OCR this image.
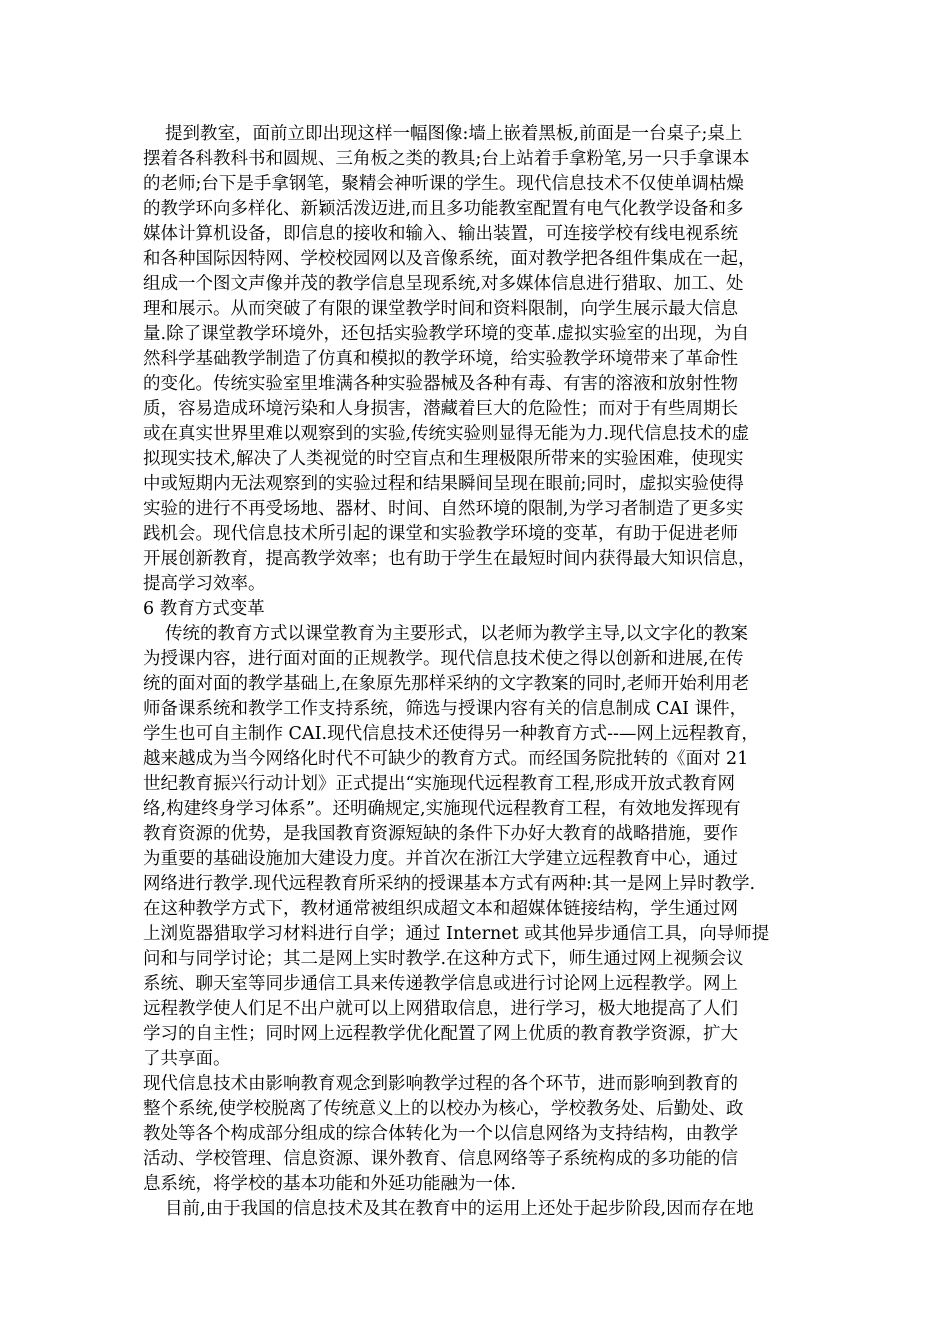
提到教室，面前立即出现这样一幅图像:墙上嵌着黑板,前面是一台桌子;桌上
摆着各科教科书和圆规、三角板之类的教具;台上站着手拿粉笔,另一只手拿课本
的老师;台下是手拿钢笔，聚精会神听课的学生。现代信息技术不仅使单调枯燥
的教学环向多样化、新颖活泼迈进,而且多功能教室配置有电气化教学设备和多
媒体计算机设备，即信息的接收和输入、输出装置，可连接学校有线电视系统
和各种国际因特网、学校校园网以及音像系统，面对教学把各组件集成在一起，
组成一个图文声像并茂的教学信息呈现系统,对多媒体信息进行猎取、加工、处
理和展示。从而突破了有限的课堂教学时间和资料限制，向学生展示最大信息
量.除了课堂教学环境外，还包括实验教学环境的变革.虚拟实验室的出现，为自
然科学基础教学制造了仿真和模拟的教学环境，给实验教学环境带来了革命性
的变化。传统实验室里堆满各种实验器械及各种有毒、有害的溶液和放射性物
质，容易造成环境污染和人身损害，潜藏着巨大的危险性；而对于有些周期长
或在真实世界里难以观察到的实验,传统实验则显得无能为力.现代信息技术的虚
拟现实技术,解决了人类视觉的时空盲点和生理极限所带来的实验困难，使现实
中或短期内无法观察到的实验过程和结果瞬间呈现在眼前;同时，虚拟实验使得
实验的进行不再受场地、器材、时间、自然环境的限制,为学习者制造了更多实
践机会。现代信息技术所引起的课堂和实验教学环境的变革，有助于促进老师
开展创新教育，提高教学效率；也有助于学生在最短时间内获得最大知识信息，
提高学习效率。
6 教育方式变革
传统的教育方式以课堂教育为主要形式，以老师为教学主导,以文字化的教案
为授课内容，进行面对面的正规教学。现代信息技术使之得以创新和进展,在传
统的面对面的教学基础上,在象原先那样采纳的文字教案的同时,老师开始利用老
师备课系统和教学工作支持系统，筛选与授课内容有关的信息制成 CAI 课件，
学生也可自主制作 CAI.现代信息技术还使得另一种教育方式--—网上远程教育，
越来越成为当今网络化时代不可缺少的教育方式。而经国务院批转的《面对 21
世纪教育振兴行动计划》正式提出“实施现代远程教育工程,形成开放式教育网
络,构建终身学习体系”。还明确规定,实施现代远程教育工程，有效地发挥现有
教育资源的优势，是我国教育资源短缺的条件下办好大教育的战略措施，要作
为重要的基础设施加大建设力度。并首次在浙江大学建立远程教育中心，通过
网络进行教学.现代远程教育所采纳的授课基本方式有两种:其一是网上异时教学.
在这种教学方式下，教材通常被组织成超文本和超媒体链接结构，学生通过网
上浏览器猎取学习材料进行自学；通过 Internet 或其他异步通信工具，向导师提
问和与同学讨论；其二是网上实时教学.在这种方式下，师生通过网上视频会议
系统、聊天室等同步通信工具来传递教学信息或进行讨论网上远程教学。网上
远程教学使人们足不出户就可以上网猎取信息，进行学习，极大地提高了人们
学习的自主性；同时网上远程教学优化配置了网上优质的教育教学资源，扩大
了共享面。
现代信息技术由影响教育观念到影响教学过程的各个环节，进而影响到教育的
整个系统,使学校脱离了传统意义上的以校办为核心，学校教务处、后勤处、政
教处等各个构成部分组成的综合体转化为一个以信息网络为支持结构，由教学
活动、学校管理、信息资源、课外教育、信息网络等子系统构成的多功能的信
息系统，将学校的基本功能和外延功能融为一体.
目前,由于我国的信息技术及其在教育中的运用上还处于起步阶段,因而存在地
